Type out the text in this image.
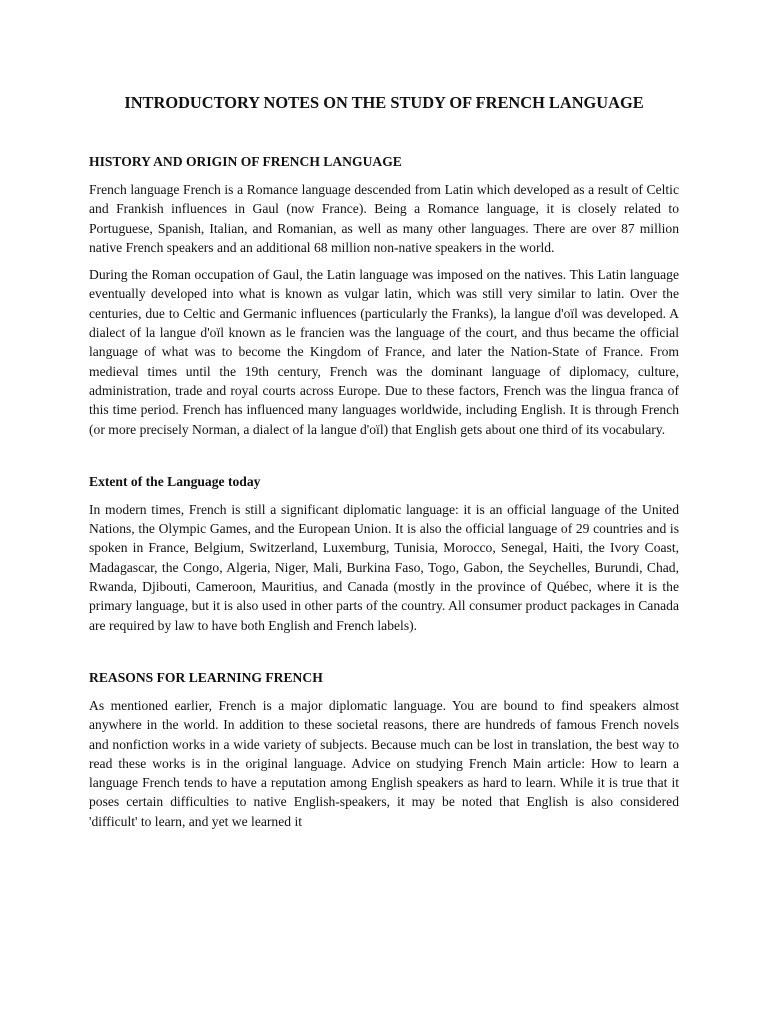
INTRODUCTORY NOTES ON THE STUDY OF FRENCH LANGUAGE
HISTORY AND ORIGIN OF FRENCH LANGUAGE

French language French is a Romance language descended from Latin which developed as a result of Celtic and Frankish influences in Gaul (now France). Being a Romance language, it is closely related to Portuguese, Spanish, Italian, and Romanian, as well as many other languages. There are over 87 million native French speakers and an additional 68 million non-native speakers in the world.

During the Roman occupation of Gaul, the Latin language was imposed on the natives. This Latin language eventually developed into what is known as vulgar latin, which was still very similar to latin. Over the centuries, due to Celtic and Germanic influences (particularly the Franks), la langue d'oïl was developed. A dialect of la langue d'oïl known as le francien was the language of the court, and thus became the official language of what was to become the Kingdom of France, and later the Nation-State of France. From medieval times until the 19th century, French was the dominant language of diplomacy, culture, administration, trade and royal courts across Europe. Due to these factors, French was the lingua franca of this time period. French has influenced many languages worldwide, including English. It is through French (or more precisely Norman, a dialect of la langue d'oïl) that English gets about one third of its vocabulary.

Extent of the Language today

In modern times, French is still a significant diplomatic language: it is an official language of the United Nations, the Olympic Games, and the European Union. It is also the official language of 29 countries and is spoken in France, Belgium, Switzerland, Luxemburg, Tunisia, Morocco, Senegal, Haiti, the Ivory Coast, Madagascar, the Congo, Algeria, Niger, Mali, Burkina Faso, Togo, Gabon, the Seychelles, Burundi, Chad, Rwanda, Djibouti, Cameroon, Mauritius, and Canada (mostly in the province of Québec, where it is the primary language, but it is also used in other parts of the country. All consumer product packages in Canada are required by law to have both English and French labels).

REASONS FOR LEARNING FRENCH

As mentioned earlier, French is a major diplomatic language. You are bound to find speakers almost anywhere in the world. In addition to these societal reasons, there are hundreds of famous French novels and nonfiction works in a wide variety of subjects. Because much can be lost in translation, the best way to read these works is in the original language. Advice on studying French Main article: How to learn a language French tends to have a reputation among English speakers as hard to learn. While it is true that it poses certain difficulties to native English-speakers, it may be noted that English is also considered 'difficult' to learn, and yet we learned it
